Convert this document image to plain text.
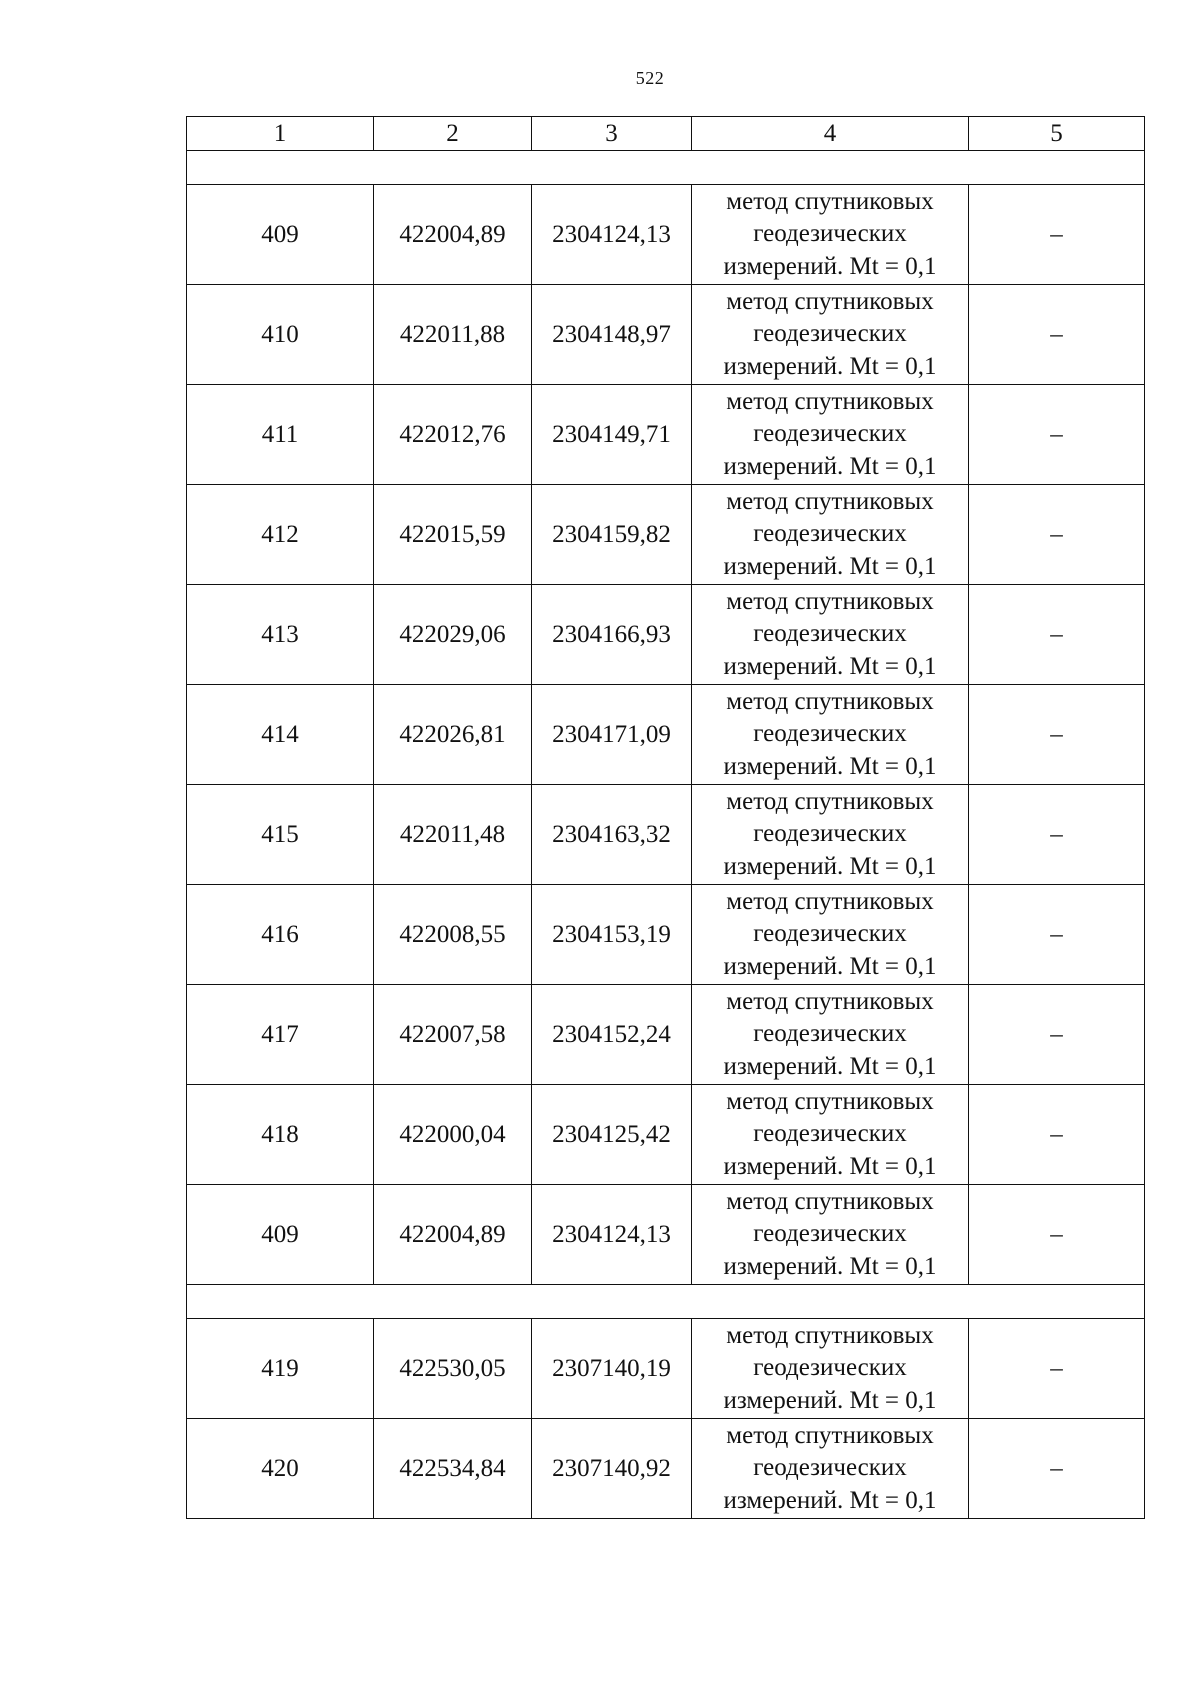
522
1	2	3	4	5

409	422004,89	2304124,13	метод спутниковых
геодезических
измерений. Mt = 0,1	–
410	422011,88	2304148,97	метод спутниковых
геодезических
измерений. Mt = 0,1	–
411	422012,76	2304149,71	метод спутниковых
геодезических
измерений. Mt = 0,1	–
412	422015,59	2304159,82	метод спутниковых
геодезических
измерений. Mt = 0,1	–
413	422029,06	2304166,93	метод спутниковых
геодезических
измерений. Mt = 0,1	–
414	422026,81	2304171,09	метод спутниковых
геодезических
измерений. Mt = 0,1	–
415	422011,48	2304163,32	метод спутниковых
геодезических
измерений. Mt = 0,1	–
416	422008,55	2304153,19	метод спутниковых
геодезических
измерений. Mt = 0,1	–
417	422007,58	2304152,24	метод спутниковых
геодезических
измерений. Mt = 0,1	–
418	422000,04	2304125,42	метод спутниковых
геодезических
измерений. Mt = 0,1	–
409	422004,89	2304124,13	метод спутниковых
геодезических
измерений. Mt = 0,1	–

419	422530,05	2307140,19	метод спутниковых
геодезических
измерений. Mt = 0,1	–
420	422534,84	2307140,92	метод спутниковых
геодезических
измерений. Mt = 0,1	–
